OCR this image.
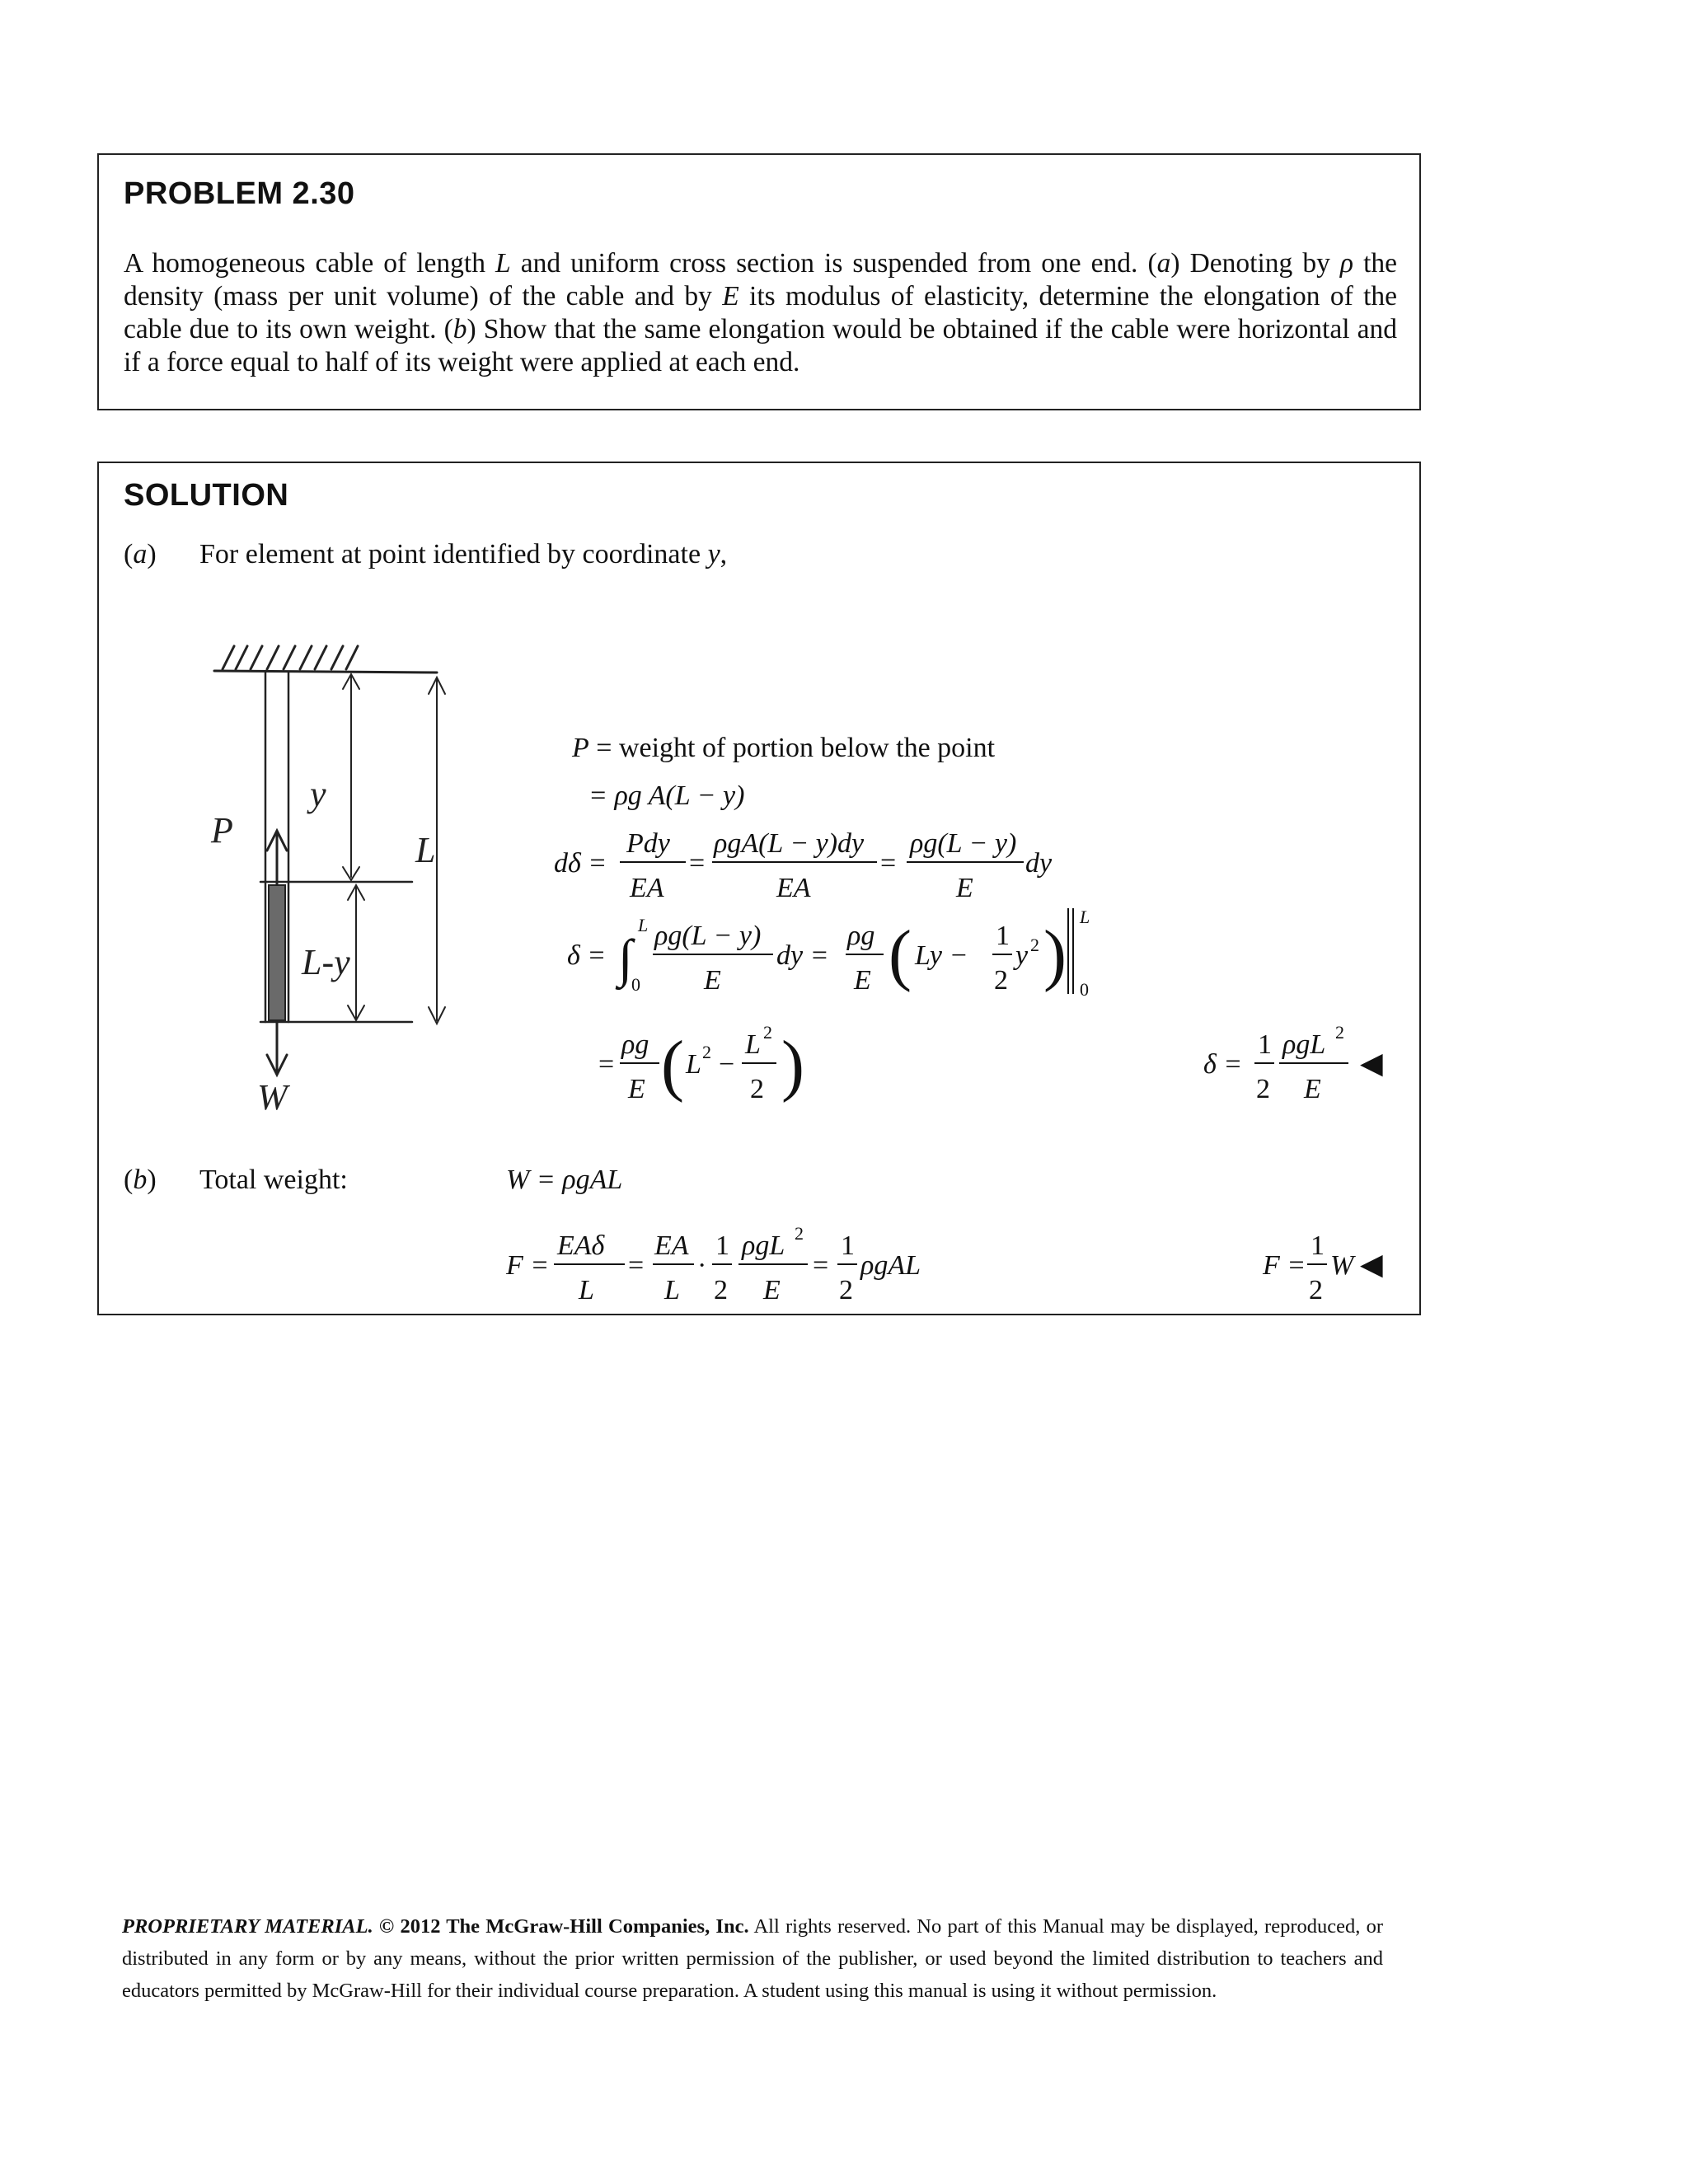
PROBLEM 2.30
A homogeneous cable of length L and uniform cross section is suspended from one end. (a) Denoting by ρ the density (mass per unit volume) of the cable and by E its modulus of elasticity, determine the elongation of the cable due to its own weight. (b) Show that the same elongation would be obtained if the cable were horizontal and if a force equal to half of its weight were applied at each end.
SOLUTION
(a) For element at point identified by coordinate y,
y
P	L
L-y
W
P = weight of portion below the point
= ρg A(L − y)
dδ =
Pdy
EA
=
ρgA(L − y)dy
EA
=
ρg(L − y)
E
dy
δ = ∫
L
0
ρg(L − y)
E
dy =
ρg
E ( Ly −
1
2
y 2 ) L
0
=
ρg
E ( L 2 −
L 2
2 )	δ =
1
2
ρgL 2
E
◀
(b) Total weight:	W = ρgAL
F =
EAδ
L
=
EA
L
·
1
2
ρgL 2
E
=
1
2
ρgAL	F =
1
2
W ◀
PROPRIETARY MATERIAL. © 2012 The McGraw-Hill Companies, Inc. All rights reserved. No part of this Manual may be displayed, reproduced, or distributed in any form or by any means, without the prior written permission of the publisher, or used beyond the limited distribution to teachers and educators permitted by McGraw-Hill for their individual course preparation. A student using this manual is using it without permission.
